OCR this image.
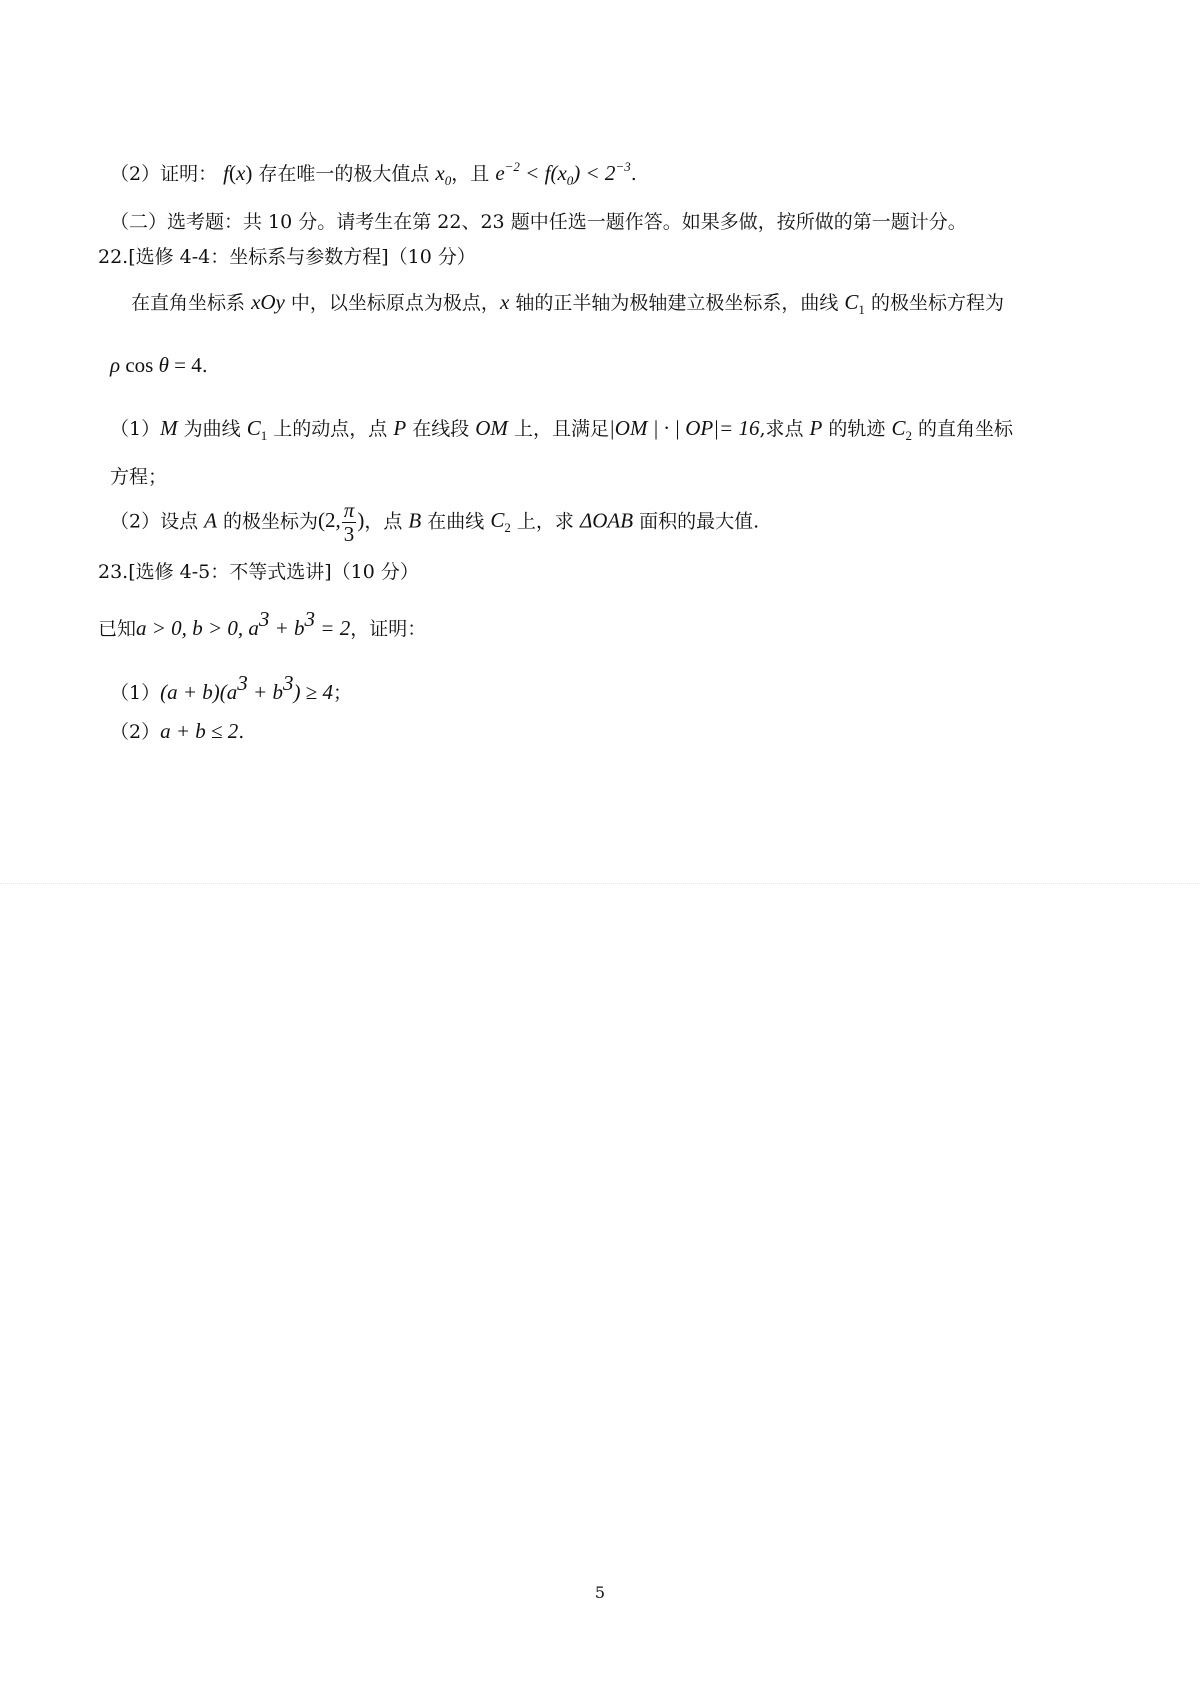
（2）证明： f(x) 存在唯一的极大值点 $x_0$，且 $e^{-2} < f(x_0) < 2^{-3}$.
（二）选考题：共 10 分。请考生在第 22、23 题中任选一题作答。如果多做，按所做的第一题计分。
22.[选修 4-4：坐标系与参数方程]（10 分）
在直角坐标系 xOy 中，以坐标原点为极点，x 轴的正半轴为极轴建立极坐标系，曲线 $C_1$ 的极坐标方程为
ρ cos θ = 4.
（1）M 为曲线 $C_1$ 上的动点，点 P 在线段 OM 上，且满足|OM | · | OP|= 16,求点 P 的轨迹 $C_2$ 的直角坐标
方程；
（2）设点 A 的极坐标为(2, $\frac{\pi}{3}$ )，点 B 在曲线 $C_2$ 上，求 ΔOAB 面积的最大值.
23.[选修 4-5：不等式选讲]（10 分）
已知a > 0, b > 0, $a^3 + b^3 = 2$，证明：
$(1)(a + b)(a^3 + b^3) \ge 4$；
（2）a + b ≤ 2.
5
